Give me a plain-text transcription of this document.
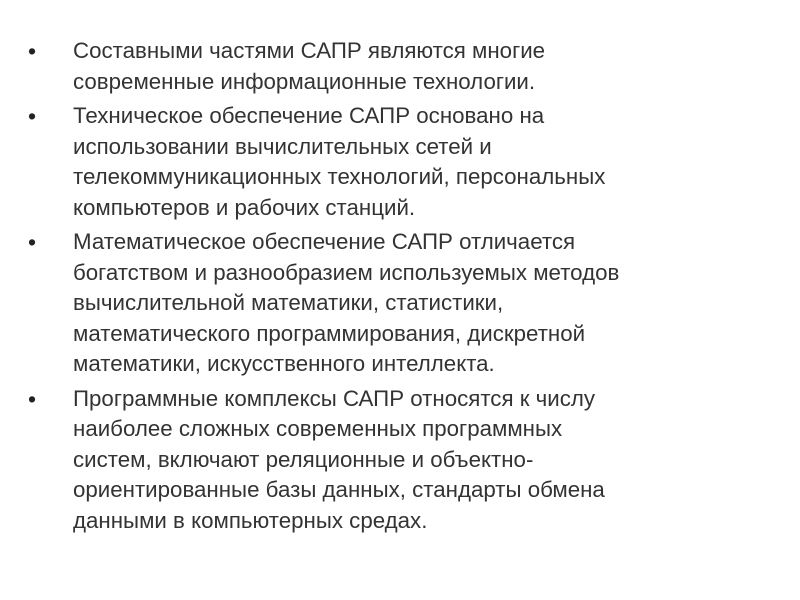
•	Составными частями САПР являются многие
современные информационные технологии.
•	Техническое обеспечение САПР основано на
использовании вычислительных сетей и
телекоммуникационных технологий, персональных
компьютеров и рабочих станций.
•	Математическое обеспечение САПР отличается
богатством и разнообразием используемых методов
вычислительной математики, статистики,
математического программирования, дискретной
математики, искусственного интеллекта.
•	Программные комплексы САПР относятся к числу
наиболее сложных современных программных
систем, включают реляционные и объектно-
ориентированные базы данных, стандарты обмена
данными в компьютерных средах.
